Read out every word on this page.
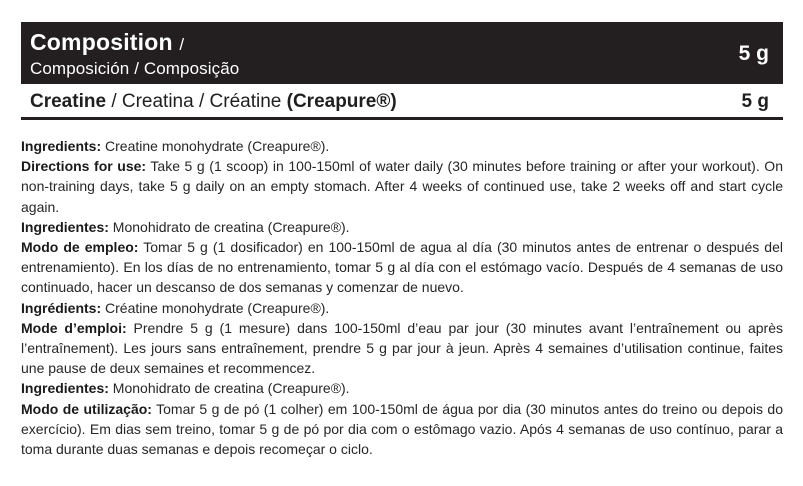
Composition /
Composición / Composição
5 g
Creatine / Creatina / Créatine (Creapure®)	5 g

Ingredients: Creatine monohydrate (Creapure®).

Directions for use: Take 5 g (1 scoop) in 100-150ml of water daily (30 minutes before training or after your workout). On non-training days, take 5 g daily on an empty stomach. After 4 weeks of continued use, take 2 weeks off and start cycle again.

Ingredientes: Monohidrato de creatina (Creapure®).

Modo de empleo: Tomar 5 g (1 dosificador) en 100-150ml de agua al día (30 minutos antes de entrenar o después del entrenamiento). En los días de no entrenamiento, tomar 5 g al día con el estómago vacío. Después de 4 semanas de uso continuado, hacer un descanso de dos semanas y comenzar de nuevo.

Ingrédients: Créatine monohydrate (Creapure®).

Mode d’emploi: Prendre 5 g (1 mesure) dans 100-150ml d’eau par jour (30 minutes avant l’entraînement ou après l’entraînement). Les jours sans entraînement, prendre 5 g par jour à jeun. Après 4 semaines d’utilisation continue, faites une pause de deux semaines et recommencez.

Ingredientes: Monohidrato de creatina (Creapure®).

Modo de utilização: Tomar 5 g de pó (1 colher) em 100-150ml de água por dia (30 minutos antes do treino ou depois do exercício). Em dias sem treino, tomar 5 g de pó por dia com o estômago vazio. Após 4 semanas de uso contínuo, parar a toma durante duas semanas e depois recomeçar o ciclo.
